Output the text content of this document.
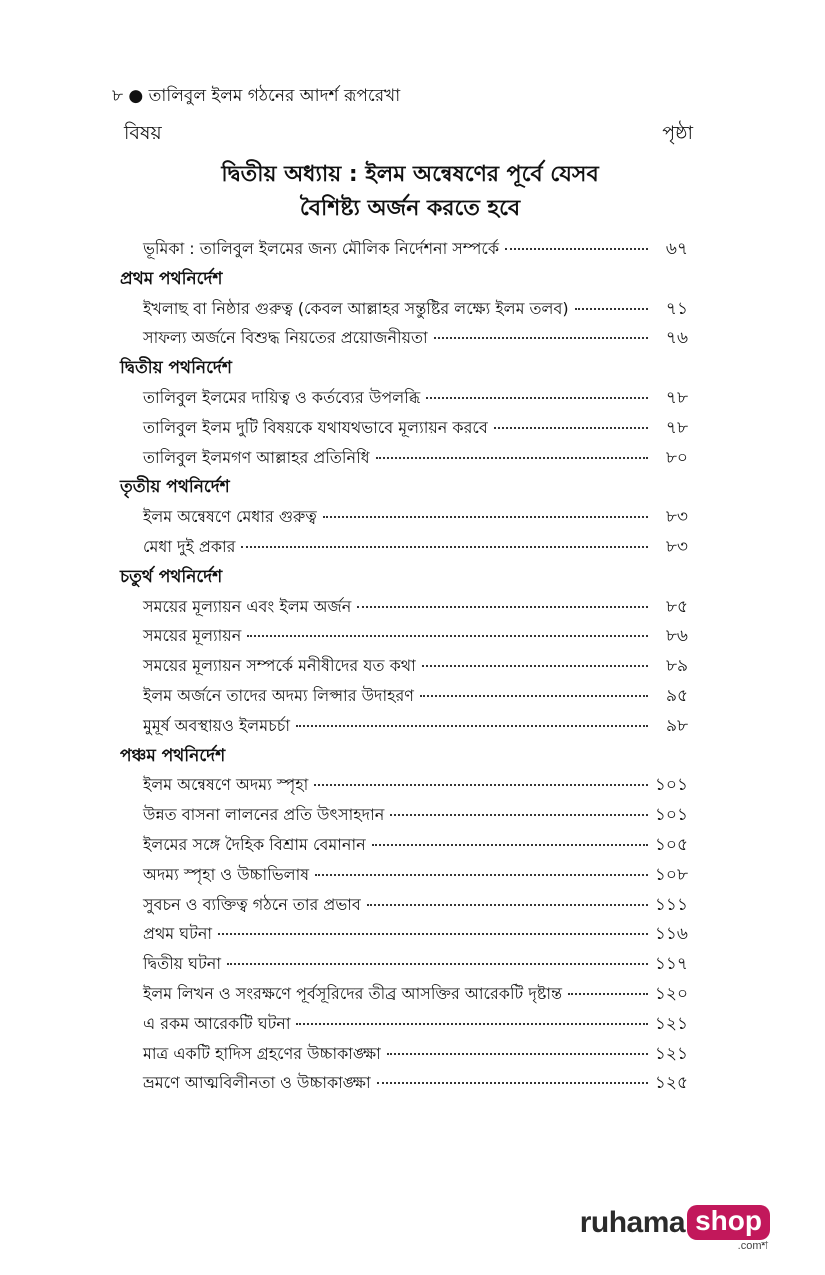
৮ ● তালিবুল ইলম গঠনের আদর্শ রূপরেখা
বিষয়	পৃষ্ঠা
দ্বিতীয় অধ্যায় : ইলম অন্বেষণের পূর্বে যেসব
বৈশিষ্ট্য অর্জন করতে হবে
ভূমিকা : তালিবুল ইলমের জন্য মৌলিক নির্দেশনা সম্পর্কে	৬৭
প্রথম পথনির্দেশ
ইখলাছ বা নিষ্ঠার গুরুত্ব (কেবল আল্লাহর সন্তুষ্টির লক্ষ্যে ইলম তলব)	৭১
সাফল্য অর্জনে বিশুদ্ধ নিয়তের প্রয়োজনীয়তা	৭৬
দ্বিতীয় পথনির্দেশ
তালিবুল ইলমের দায়িত্ব ও কর্তব্যের উপলব্ধি	৭৮
তালিবুল ইলম দুটি বিষয়কে যথাযথভাবে মূল্যায়ন করবে	৭৮
তালিবুল ইলমগণ আল্লাহর প্রতিনিধি	৮০
তৃতীয় পথনির্দেশ
ইলম অন্বেষণে মেধার গুরুত্ব	৮৩
মেধা দুই প্রকার	৮৩
চতুর্থ পথনির্দেশ
সময়ের মূল্যায়ন এবং ইলম অর্জন	৮৫
সময়ের মূল্যায়ন	৮৬
সময়ের মূল্যায়ন সম্পর্কে মনীষীদের যত কথা	৮৯
ইলম অর্জনে তাদের অদম্য লিপ্সার উদাহরণ	৯৫
মুমূর্ষ অবস্থায়ও ইলমচর্চা	৯৮
পঞ্চম পথনির্দেশ
ইলম অন্বেষণে অদম্য স্পৃহা	১০১
উন্নত বাসনা লালনের প্রতি উৎসাহদান	১০১
ইলমের সঙ্গে দৈহিক বিশ্রাম বেমানান	১০৫
অদম্য স্পৃহা ও উচ্চাভিলাষ	১০৮
সুবচন ও ব্যক্তিত্ব গঠনে তার প্রভাব	১১১
প্রথম ঘটনা	১১৬
দ্বিতীয় ঘটনা	১১৭
ইলম লিখন ও সংরক্ষণে পূর্বসূরিদের তীব্র আসক্তির আরেকটি দৃষ্টান্ত	১২০
এ রকম আরেকটি ঘটনা	১২১
মাত্র একটি হাদিস গ্রহণের উচ্চাকাঙ্ক্ষা	১২১
ভ্রমণে আত্মবিলীনতা ও উচ্চাকাঙ্ক্ষা	১২৫
ruhama shop
.comশ
